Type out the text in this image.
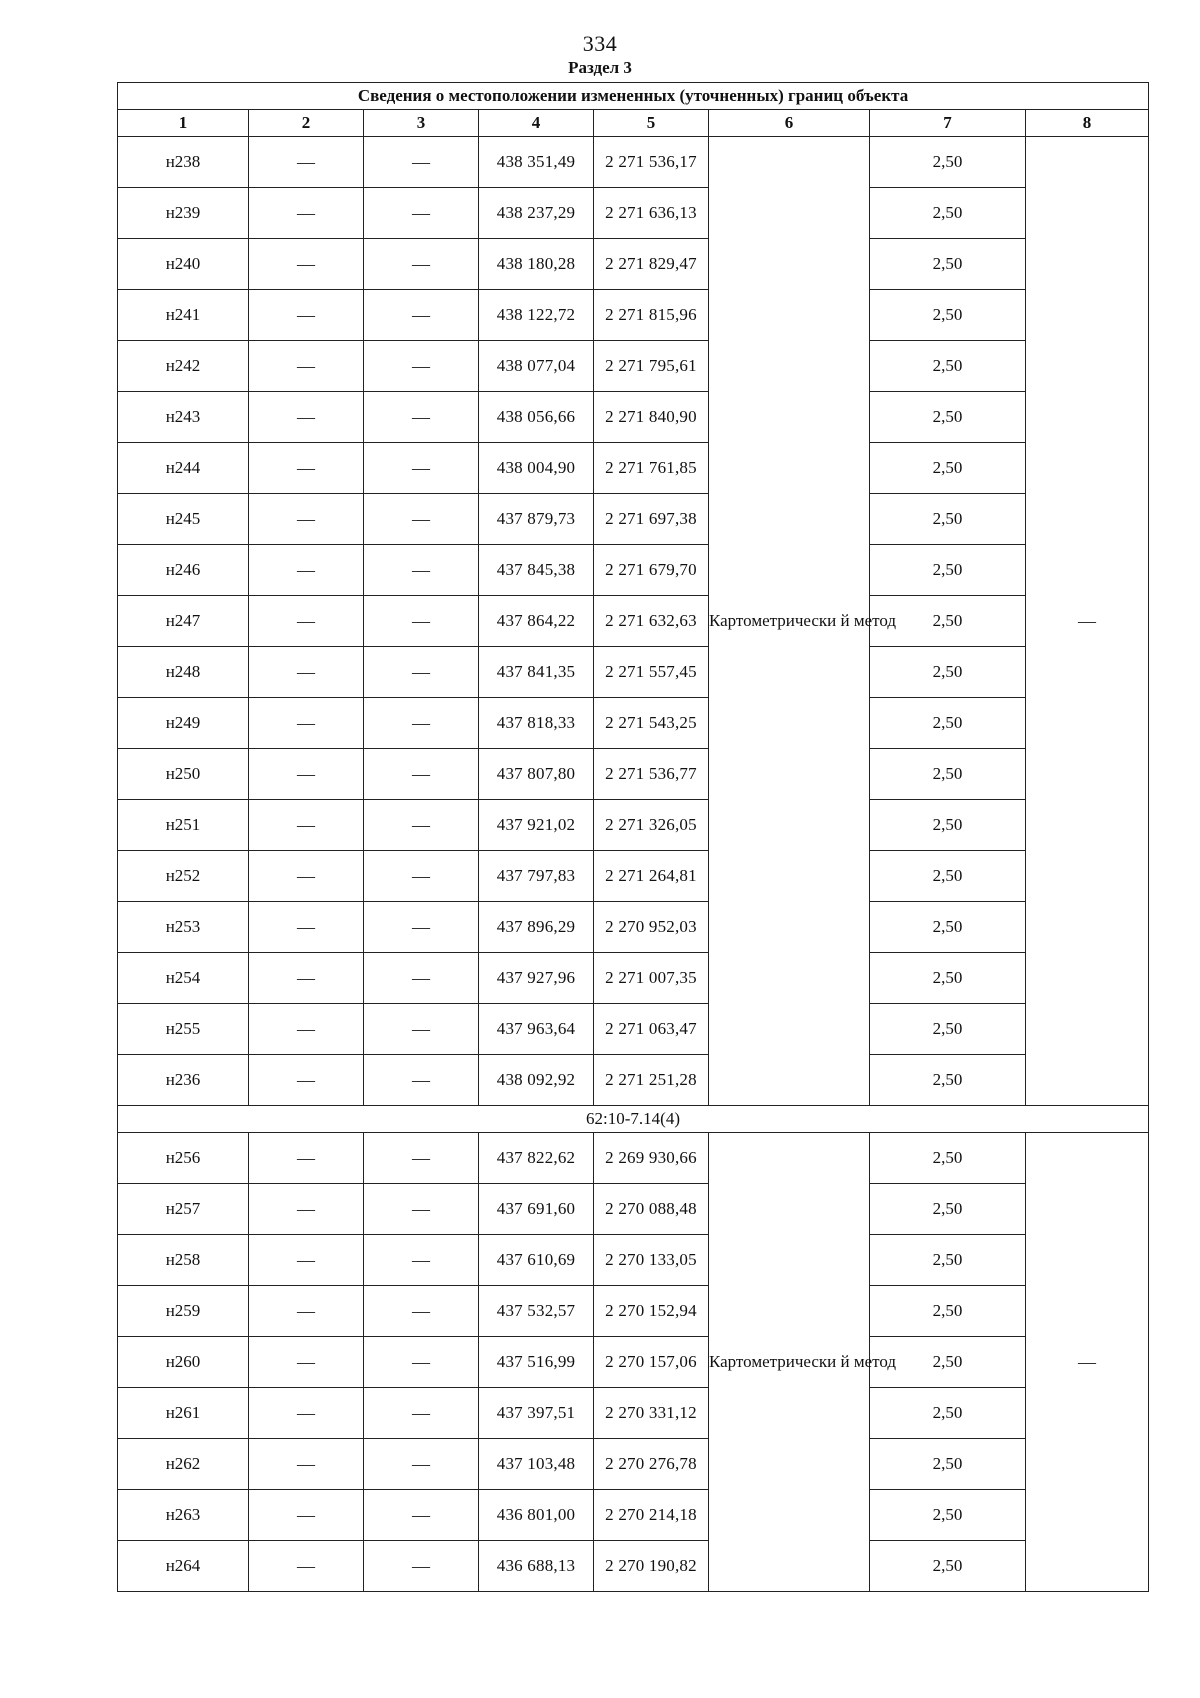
334
Раздел 3
Сведения о местоположении измененных (уточненных) границ объекта							
1	2	3	4	5	6	7	8
н238	—	—	438 351,49	2 271 536,17	Картометрически й метод	2,50	—
н239	—	—	438 237,29	2 271 636,13		2,50	
н240	—	—	438 180,28	2 271 829,47		2,50	
н241	—	—	438 122,72	2 271 815,96		2,50	
н242	—	—	438 077,04	2 271 795,61		2,50	
н243	—	—	438 056,66	2 271 840,90		2,50	
н244	—	—	438 004,90	2 271 761,85		2,50	
н245	—	—	437 879,73	2 271 697,38		2,50	
н246	—	—	437 845,38	2 271 679,70		2,50	
н247	—	—	437 864,22	2 271 632,63		2,50	
н248	—	—	437 841,35	2 271 557,45		2,50	
н249	—	—	437 818,33	2 271 543,25		2,50	
н250	—	—	437 807,80	2 271 536,77		2,50	
н251	—	—	437 921,02	2 271 326,05		2,50	
н252	—	—	437 797,83	2 271 264,81		2,50	
н253	—	—	437 896,29	2 270 952,03		2,50	
н254	—	—	437 927,96	2 271 007,35		2,50	
н255	—	—	437 963,64	2 271 063,47		2,50	
н236	—	—	438 092,92	2 271 251,28		2,50	
62:10-7.14(4)							
н256	—	—	437 822,62	2 269 930,66	Картометрически й метод	2,50	—
н257	—	—	437 691,60	2 270 088,48		2,50	
н258	—	—	437 610,69	2 270 133,05		2,50	
н259	—	—	437 532,57	2 270 152,94		2,50	
н260	—	—	437 516,99	2 270 157,06		2,50	
н261	—	—	437 397,51	2 270 331,12		2,50	
н262	—	—	437 103,48	2 270 276,78		2,50	
н263	—	—	436 801,00	2 270 214,18		2,50	
н264	—	—	436 688,13	2 270 190,82		2,50	
